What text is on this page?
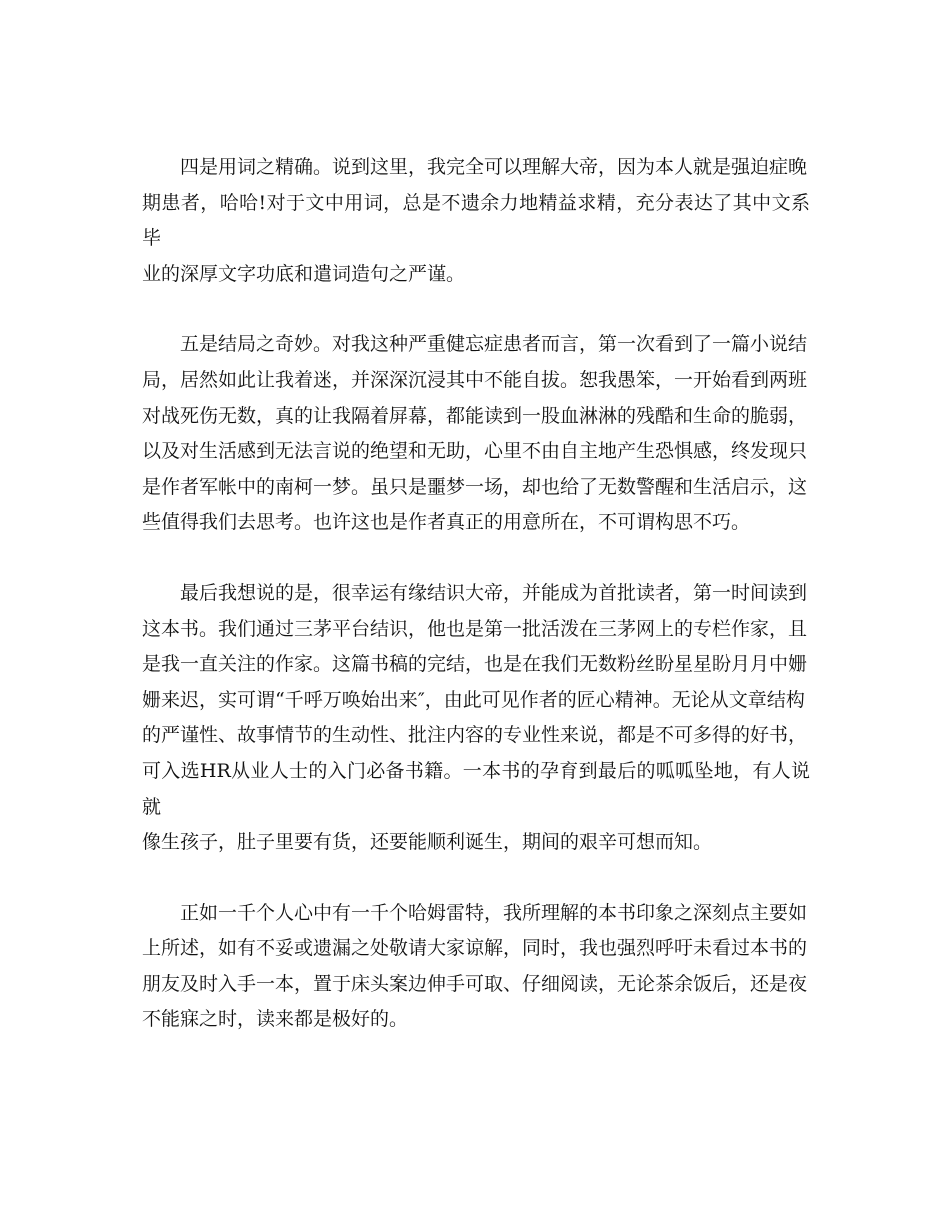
四是用词之精确。说到这里，我完全可以理解大帝，因为本人就是强迫症晚
期患者，哈哈!对于文中用词，总是不遗余力地精益求精，充分表达了其中文系毕
业的深厚文字功底和遣词造句之严谨。

五是结局之奇妙。对我这种严重健忘症患者而言，第一次看到了一篇小说结
局，居然如此让我着迷，并深深沉浸其中不能自拔。恕我愚笨，一开始看到两班
对战死伤无数，真的让我隔着屏幕，都能读到一股血淋淋的残酷和生命的脆弱，
以及对生活感到无法言说的绝望和无助，心里不由自主地产生恐惧感，终发现只
是作者军帐中的南柯一梦。虽只是噩梦一场，却也给了无数警醒和生活启示，这
些值得我们去思考。也许这也是作者真正的用意所在，不可谓构思不巧。

最后我想说的是，很幸运有缘结识大帝，并能成为首批读者，第一时间读到
这本书。我们通过三茅平台结识，他也是第一批活泼在三茅网上的专栏作家，且
是我一直关注的作家。这篇书稿的完结，也是在我们无数粉丝盼星星盼月月中姗
姗来迟，实可谓“千呼万唤始出来″，由此可见作者的匠心精神。无论从文章结构
的严谨性、故事情节的生动性、批注内容的专业性来说，都是不可多得的好书，
可入选HR从业人士的入门必备书籍。一本书的孕育到最后的呱呱坠地，有人说就
像生孩子，肚子里要有货，还要能顺利诞生，期间的艰辛可想而知。

正如一千个人心中有一千个哈姆雷特，我所理解的本书印象之深刻点主要如
上所述，如有不妥或遗漏之处敬请大家谅解，同时，我也强烈呼吁未看过本书的
朋友及时入手一本，置于床头案边伸手可取、仔细阅读，无论茶余饭后，还是夜
不能寐之时，读来都是极好的。
